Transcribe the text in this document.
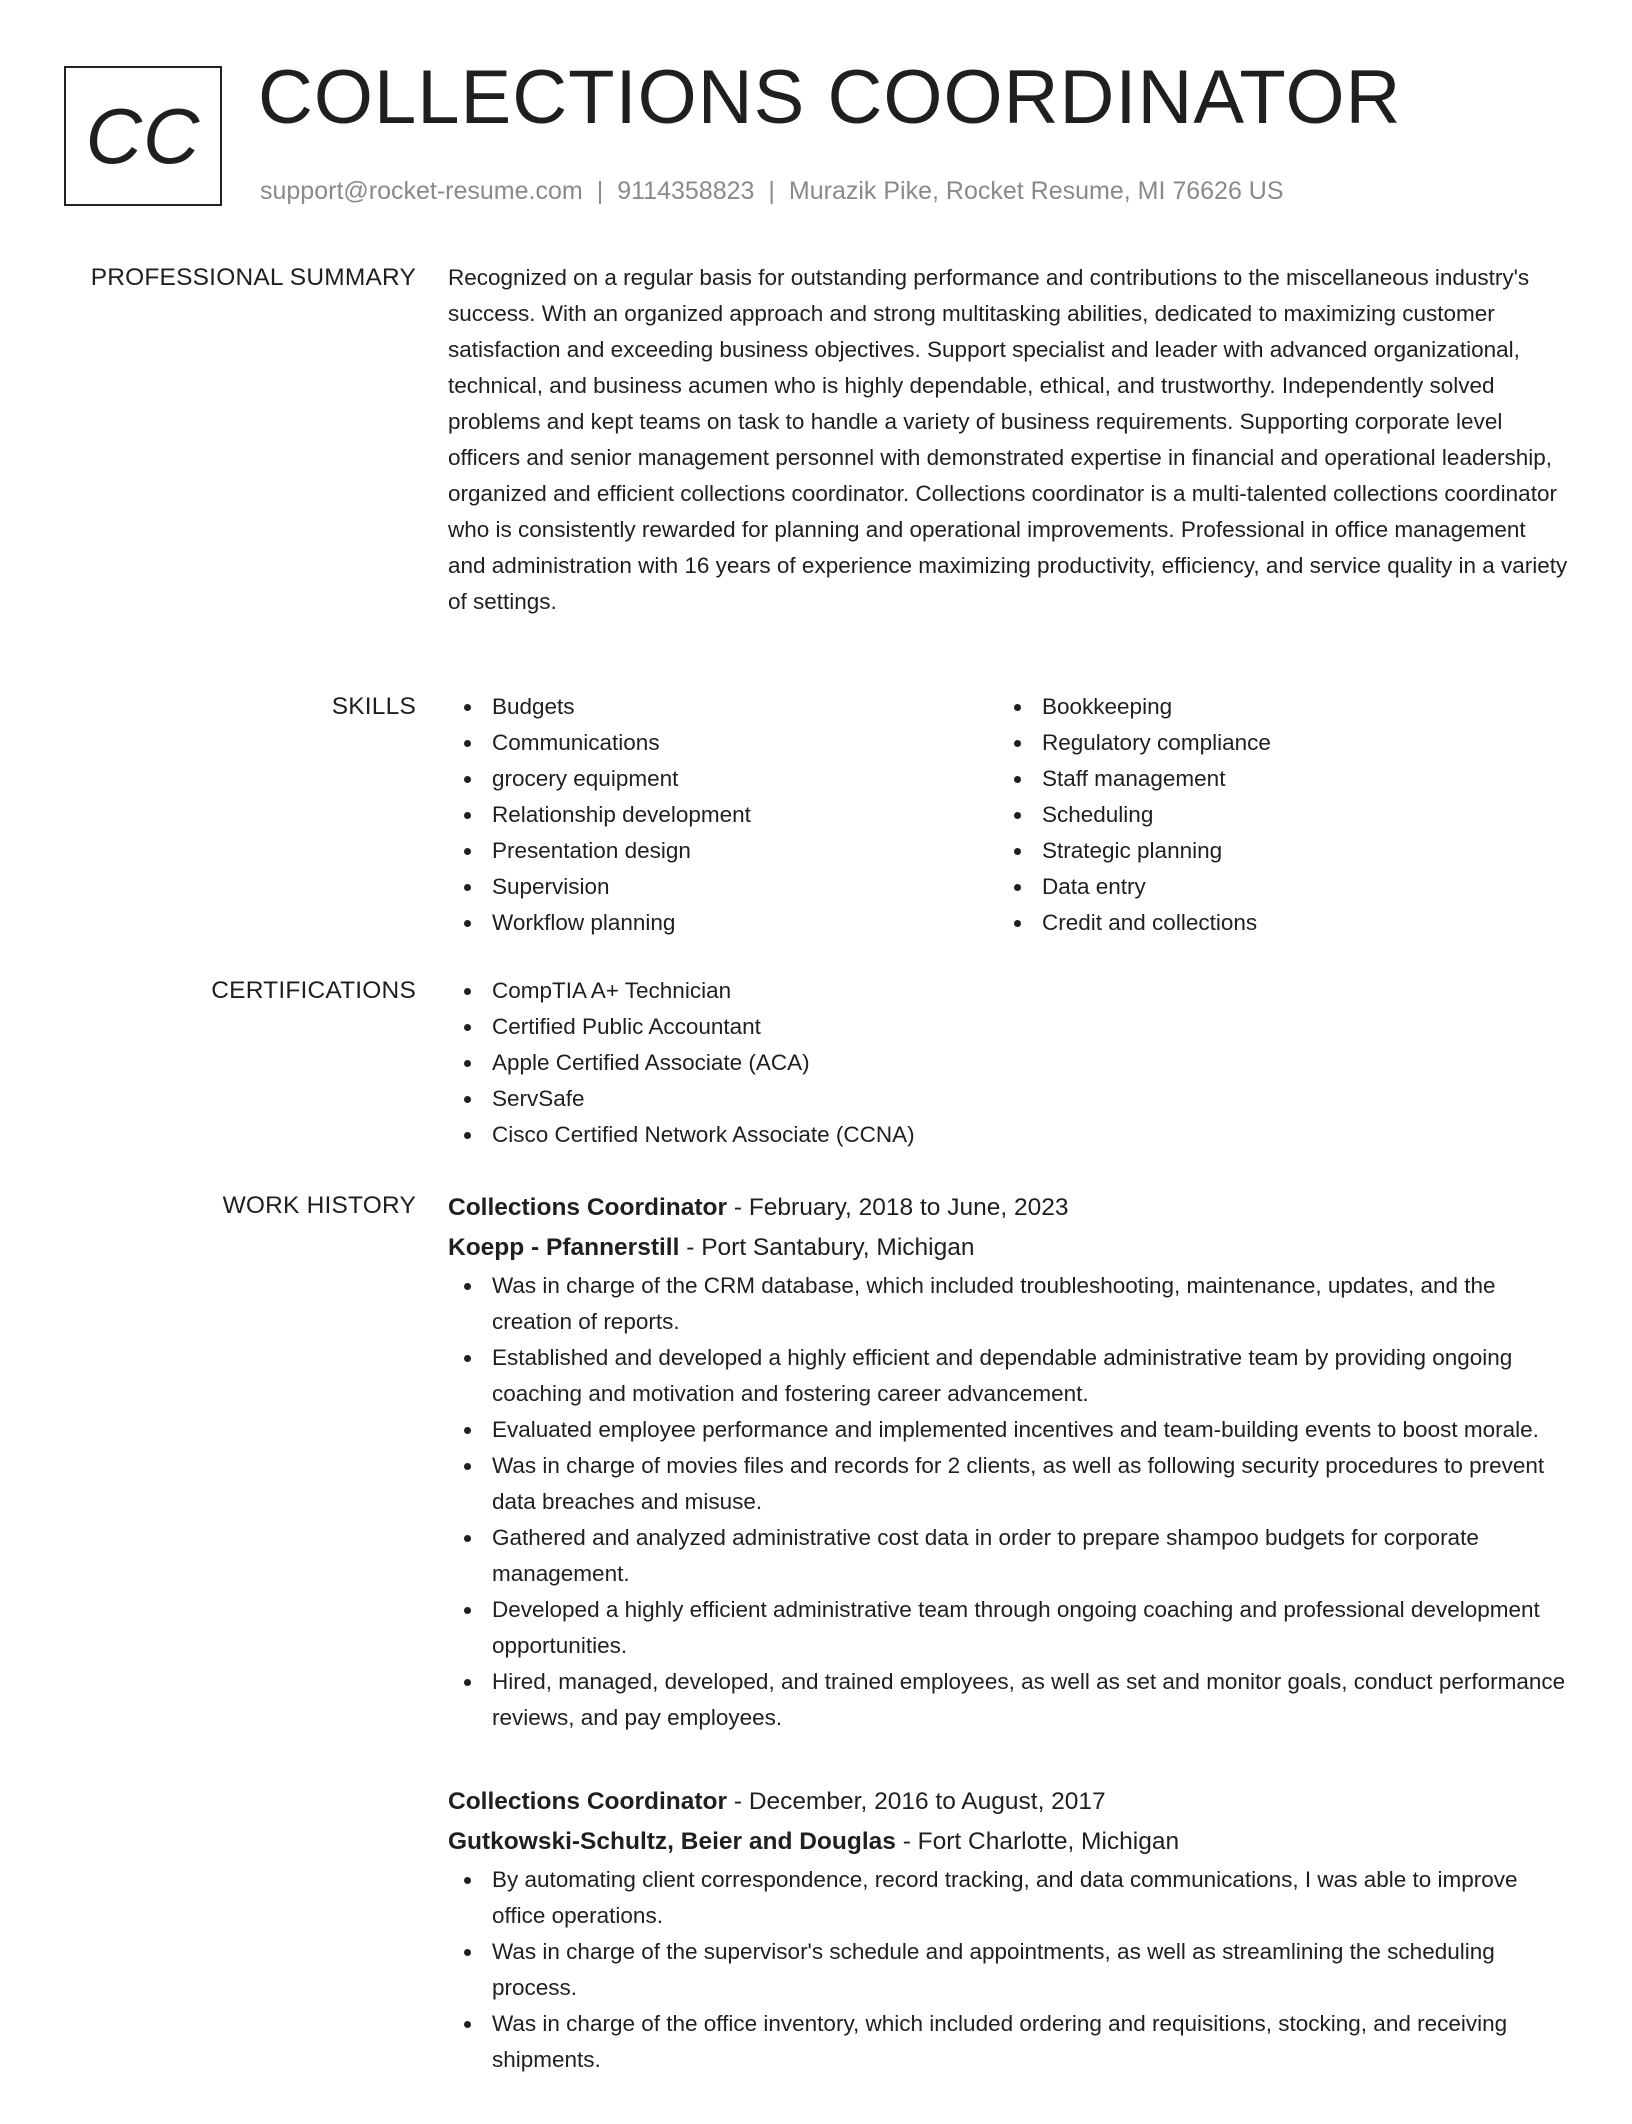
CC COLLECTIONS COORDINATOR
support@rocket-resume.com | 9114358823 | Murazik Pike, Rocket Resume, MI 76626 US
PROFESSIONAL SUMMARY Recognized on a regular basis for outstanding performance and contributions to the miscellaneous industry's success. With an organized approach and strong multitasking abilities, dedicated to maximizing customer satisfaction and exceeding business objectives. Support specialist and leader with advanced organizational, technical, and business acumen who is highly dependable, ethical, and trustworthy. Independently solved problems and kept teams on task to handle a variety of business requirements. Supporting corporate level officers and senior management personnel with demonstrated expertise in financial and operational leadership, organized and efficient collections coordinator. Collections coordinator is a multi-talented collections coordinator who is consistently rewarded for planning and operational improvements. Professional in office management and administration with 16 years of experience maximizing productivity, efficiency, and service quality in a variety of settings.

SKILLS	Budgets
Communications
grocery equipment
Relationship development
Presentation design
Supervision
Workflow planning
Bookkeeping
Regulatory compliance
Staff management
Scheduling
Strategic planning
Data entry
Credit and collections
CERTIFICATIONS	CompTIA A+ Technician
Certified Public Accountant
Apple Certified Associate (ACA)
ServSafe
Cisco Certified Network Associate (CCNA)
WORK HISTORY Collections Coordinator - February, 2018 to June, 2023
Koepp - Pfannerstill - Port Santabury, Michigan
Was in charge of the CRM database, which included troubleshooting, maintenance, updates, and the creation of reports.
Established and developed a highly efficient and dependable administrative team by providing ongoing coaching and motivation and fostering career advancement.
Evaluated employee performance and implemented incentives and team-building events to boost morale.
Was in charge of movies files and records for 2 clients, as well as following security procedures to prevent data breaches and misuse.
Gathered and analyzed administrative cost data in order to prepare shampoo budgets for corporate management.
Developed a highly efficient administrative team through ongoing coaching and professional development opportunities.
Hired, managed, developed, and trained employees, as well as set and monitor goals, conduct performance reviews, and pay employees.
Collections Coordinator - December, 2016 to August, 2017
Gutkowski-Schultz, Beier and Douglas - Fort Charlotte, Michigan
By automating client correspondence, record tracking, and data communications, I was able to improve office operations.
Was in charge of the supervisor's schedule and appointments, as well as streamlining the scheduling process.
Was in charge of the office inventory, which included ordering and requisitions, stocking, and receiving shipments.
